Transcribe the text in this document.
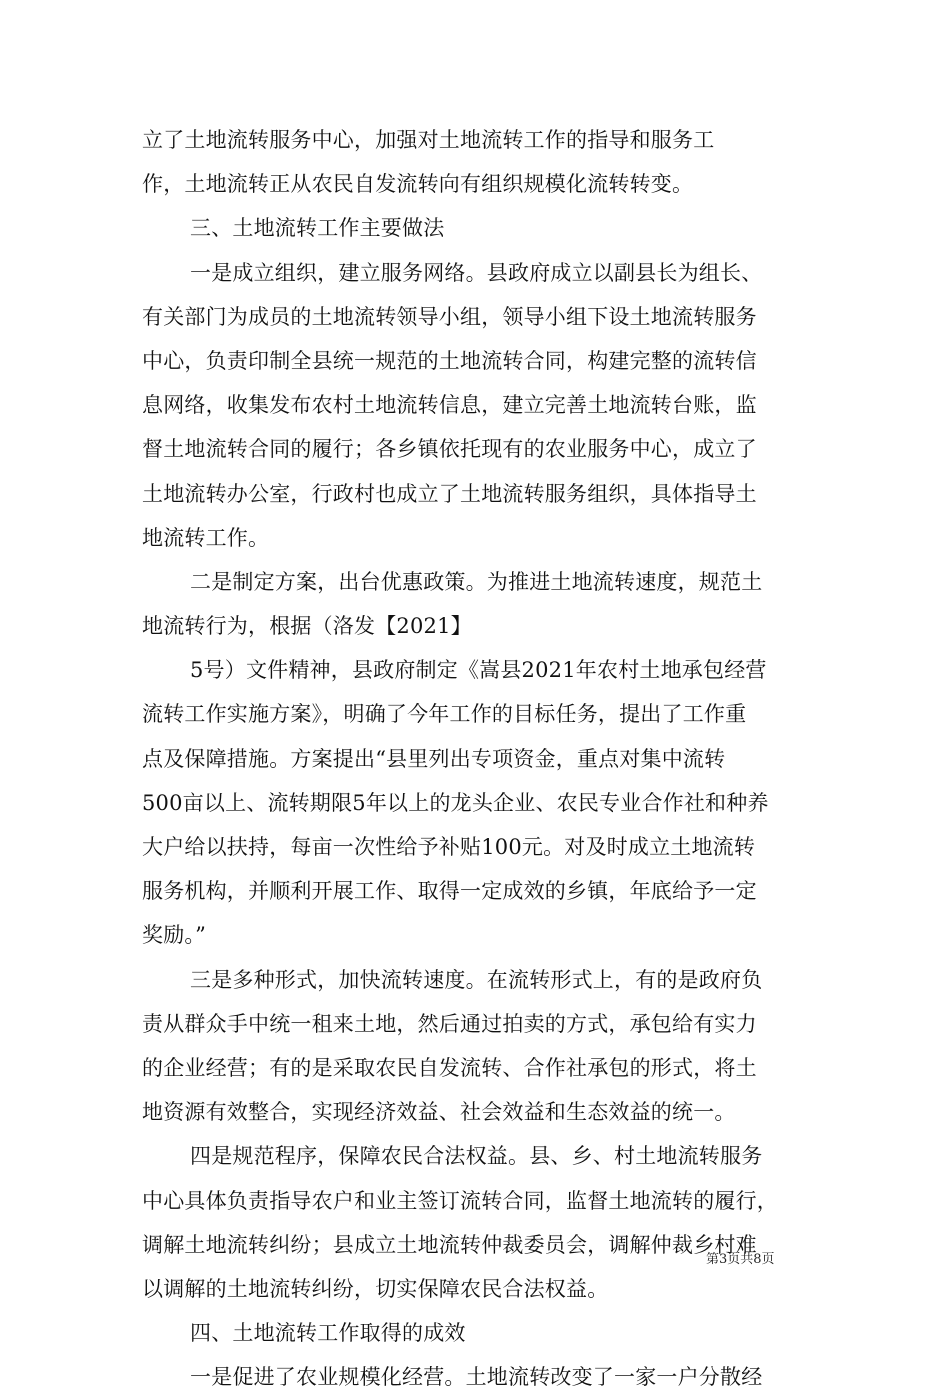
立了土地流转服务中心，加强对土地流转工作的指导和服务工
作，土地流转正从农民自发流转向有组织规模化流转转变。
三、土地流转工作主要做法
一是成立组织，建立服务网络。县政府成立以副县长为组长、
有关部门为成员的土地流转领导小组，领导小组下设土地流转服务
中心，负责印制全县统一规范的土地流转合同，构建完整的流转信
息网络，收集发布农村土地流转信息，建立完善土地流转台账，监
督土地流转合同的履行；各乡镇依托现有的农业服务中心，成立了
土地流转办公室，行政村也成立了土地流转服务组织，具体指导土
地流转工作。
二是制定方案，出台优惠政策。为推进土地流转速度，规范土
地流转行为，根据（洛发【2021】
5号）文件精神，县政府制定《嵩县2021年农村土地承包经营
流转工作实施方案》，明确了今年工作的目标任务，提出了工作重
点及保障措施。方案提出“县里列出专项资金，重点对集中流转
500亩以上、流转期限5年以上的龙头企业、农民专业合作社和种养
大户给以扶持，每亩一次性给予补贴100元。对及时成立土地流转
服务机构，并顺利开展工作、取得一定成效的乡镇，年底给予一定
奖励。”
三是多种形式，加快流转速度。在流转形式上，有的是政府负
责从群众手中统一租来土地，然后通过拍卖的方式，承包给有实力
的企业经营；有的是采取农民自发流转、合作社承包的形式，将土
地资源有效整合，实现经济效益、社会效益和生态效益的统一。
四是规范程序，保障农民合法权益。县、乡、村土地流转服务
中心具体负责指导农户和业主签订流转合同，监督土地流转的履行，
调解土地流转纠纷；县成立土地流转仲裁委员会，调解仲裁乡村难
以调解的土地流转纠纷，切实保障农民合法权益。
四、土地流转工作取得的成效
一是促进了农业规模化经营。土地流转改变了一家一户分散经
第3页共8页
